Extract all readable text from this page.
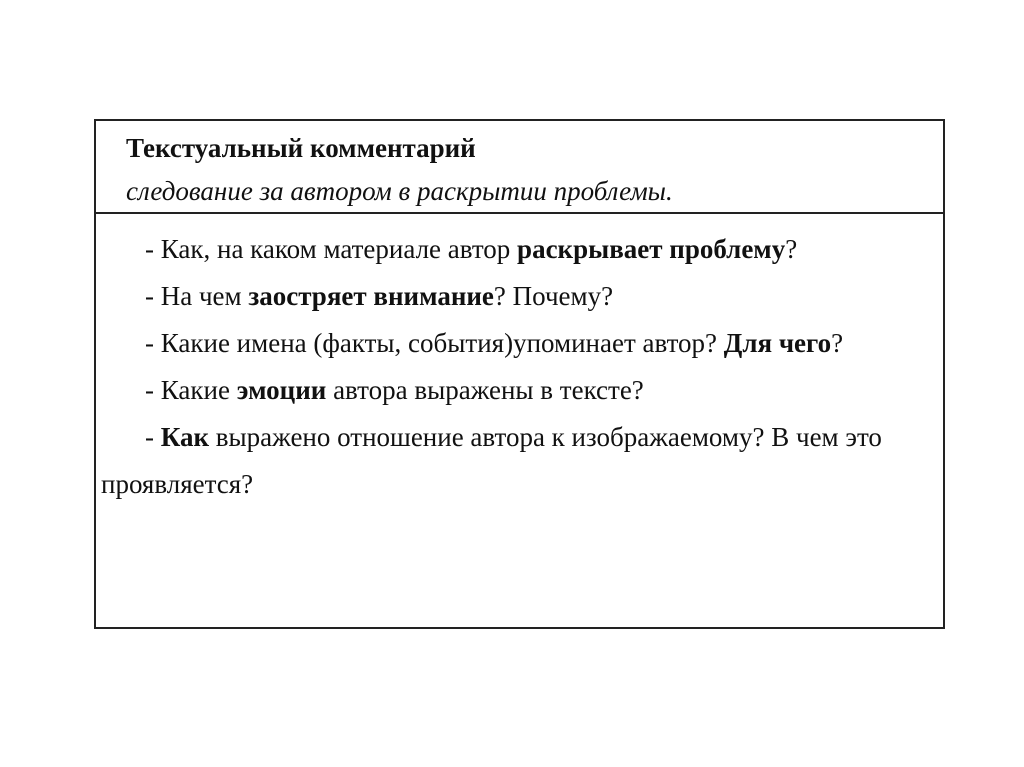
Текстуальный комментарий
следование за автором в раскрытии проблемы.

- Как, на каком материале автор раскрывает проблему?

- На чем заостряет внимание? Почему?

- Какие имена (факты, события)упоминает автор? Для чего?

- Какие эмоции автора выражены в тексте?

- Как выражено отношение автора к изображаемому? В чем это проявляется?
